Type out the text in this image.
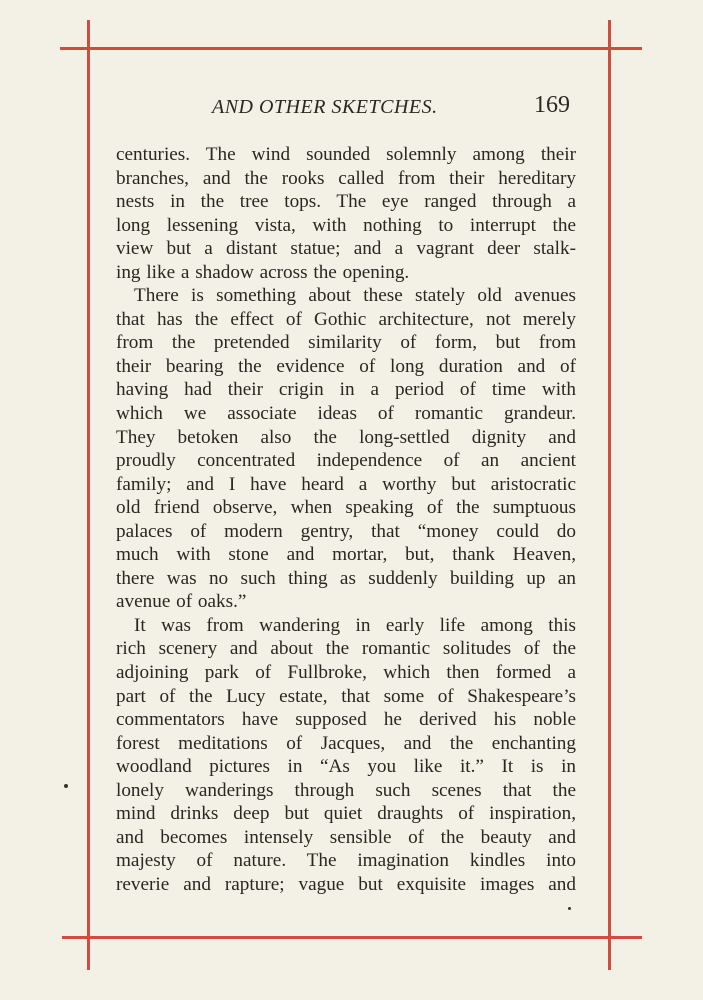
AND OTHER SKETCHES.	169
centuries. The wind sounded solemnly among their
branches, and the rooks called from their hereditary
nests in the tree tops. The eye ranged through a
long lessening vista, with nothing to interrupt the
view but a distant statue; and a vagrant deer stalk-
ing like a shadow across the opening.
There is something about these stately old avenues
that has the effect of Gothic architecture, not merely
from the pretended similarity of form, but from
their bearing the evidence of long duration and of
having had their crigin in a period of time with
which we associate ideas of romantic grandeur.
They betoken also the long-settled dignity and
proudly concentrated independence of an ancient
family; and I have heard a worthy but aristocratic
old friend observe, when speaking of the sumptuous
palaces of modern gentry, that “money could do
much with stone and mortar, but, thank Heaven,
there was no such thing as suddenly building up an
avenue of oaks.”
It was from wandering in early life among this
rich scenery and about the romantic solitudes of the
adjoining park of Fullbroke, which then formed a
part of the Lucy estate, that some of Shakespeare’s
commentators have supposed he derived his noble
forest meditations of Jacques, and the enchanting
woodland pictures in “As you like it.” It is in
lonely wanderings through such scenes that the
mind drinks deep but quiet draughts of inspiration,
and becomes intensely sensible of the beauty and
majesty of nature. The imagination kindles into
reverie and rapture; vague but exquisite images and
